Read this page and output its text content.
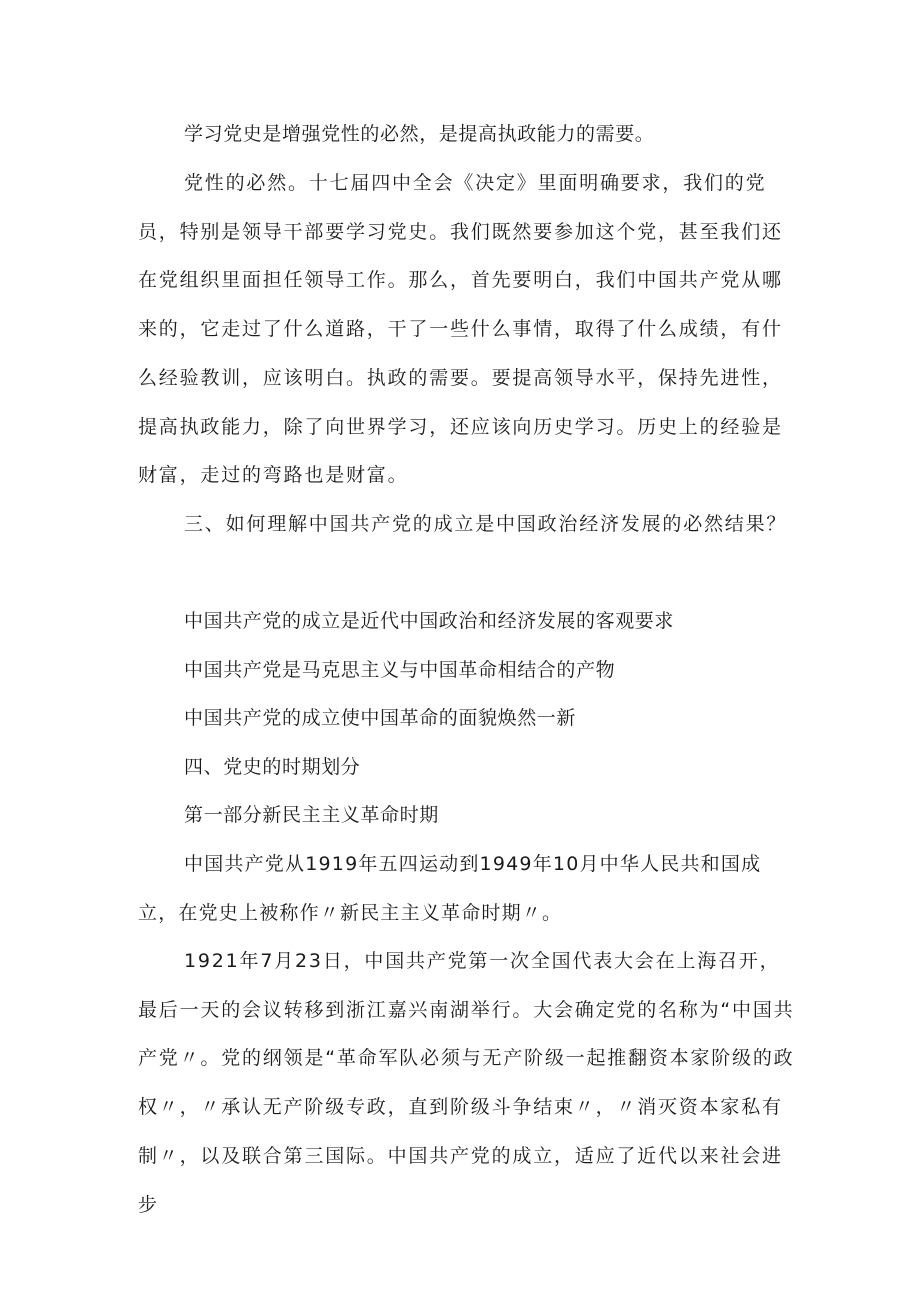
学习党史是增强党性的必然，是提高执政能力的需要。

党性的必然。十七届四中全会《决定》里面明确要求，我们的党员，特别是领导干部要学习党史。我们既然要参加这个党，甚至我们还在党组织里面担任领导工作。那么，首先要明白，我们中国共产党从哪来的，它走过了什么道路，干了一些什么事情，取得了什么成绩，有什么经验教训，应该明白。执政的需要。要提高领导水平，保持先进性，提高执政能力，除了向世界学习，还应该向历史学习。历史上的经验是财富，走过的弯路也是财富。

三、如何理解中国共产党的成立是中国政治经济发展的必然结果？

中国共产党的成立是近代中国政治和经济发展的客观要求

中国共产党是马克思主义与中国革命相结合的产物

中国共产党的成立使中国革命的面貌焕然一新

四、党史的时期划分

第一部分新民主主义革命时期

中国共产党从1919年五四运动到1949年10月中华人民共和国成立，在党史上被称作〃新民主主义革命时期〃。

1921年7月23日，中国共产党第一次全国代表大会在上海召开，最后一天的会议转移到浙江嘉兴南湖举行。大会确定党的名称为“中国共产党〃。党的纲领是“革命军队必须与无产阶级一起推翻资本家阶级的政权〃，〃承认无产阶级专政，直到阶级斗争结束〃，〃消灭资本家私有制〃，以及联合第三国际。中国共产党的成立，适应了近代以来社会进步
